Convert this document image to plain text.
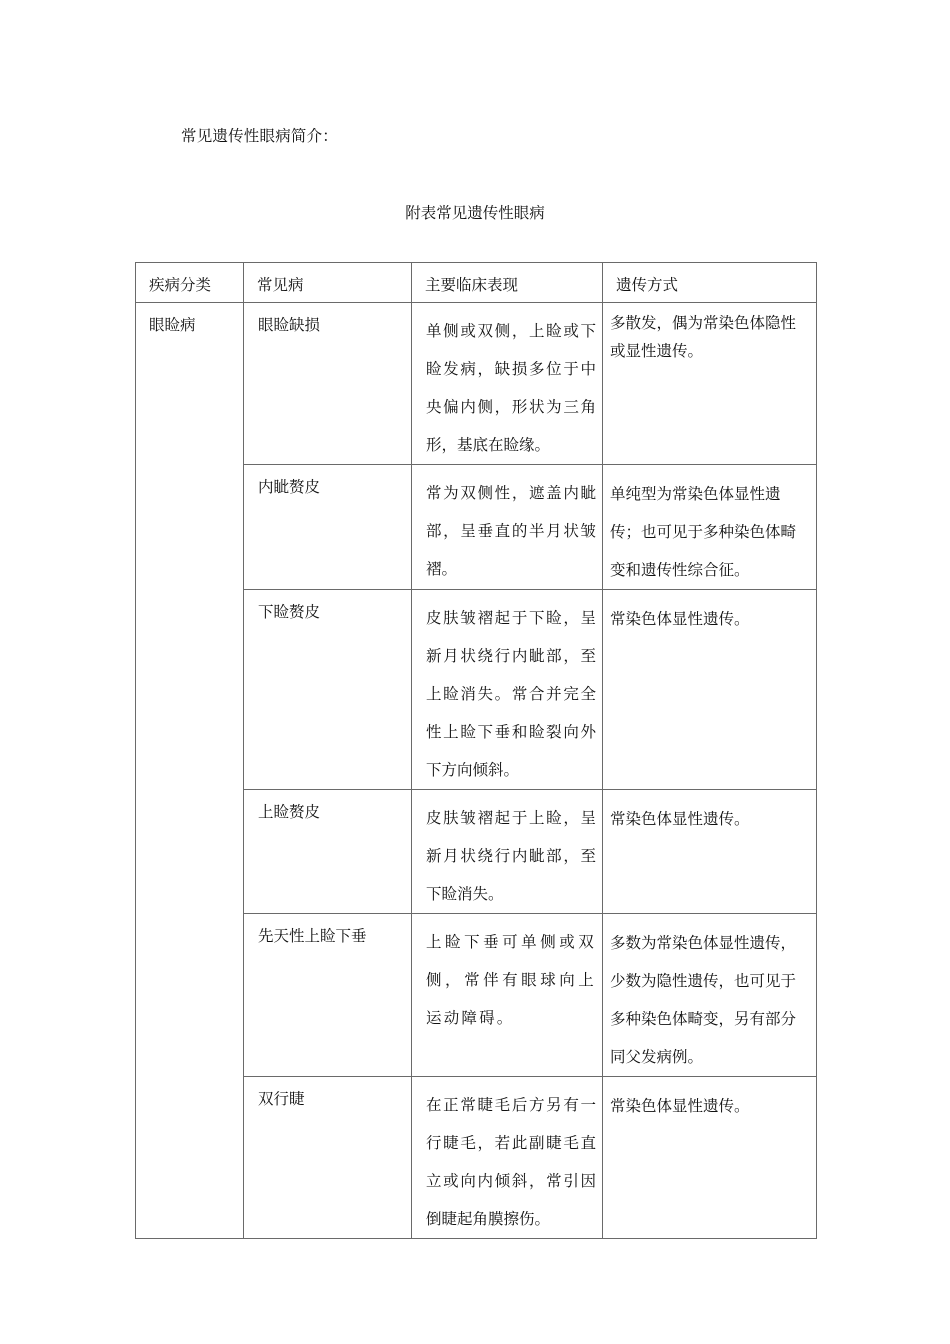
常见遗传性眼病简介：
附表常见遗传性眼病
疾病分类	常见病	主要临床表现	遗传方式

眼睑病	眼睑缺损	单侧或双侧，上睑或下睑发病，缺损多位于中央偏内侧，形状为三角形，基底在睑缘。	多散发，偶为常染色体隐性
或显性遗传。

	内眦赘皮	常为双侧性，遮盖内眦部，呈垂直的半月状皱褶。	单纯型为常染色体显性遗传；也可见于多种染色体畸变和遗传性综合征。

	下睑赘皮	皮肤皱褶起于下睑，呈新月状绕行内眦部，至上睑消失。常合并完全性上睑下垂和睑裂向外下方向倾斜。	常染色体显性遗传。

	上睑赘皮	皮肤皱褶起于上睑，呈新月状绕行内眦部，至下睑消失。	常染色体显性遗传。

	先天性上睑下垂	上睑下垂可单侧或双侧，常伴有眼球向上运动障碍。	多数为常染色体显性遗传，少数为隐性遗传，也可见于多种染色体畸变，另有部分同父发病例。

	双行睫	在正常睫毛后方另有一行睫毛，若此副睫毛直立或向内倾斜，常引因倒睫起角膜擦伤。	常染色体显性遗传。
